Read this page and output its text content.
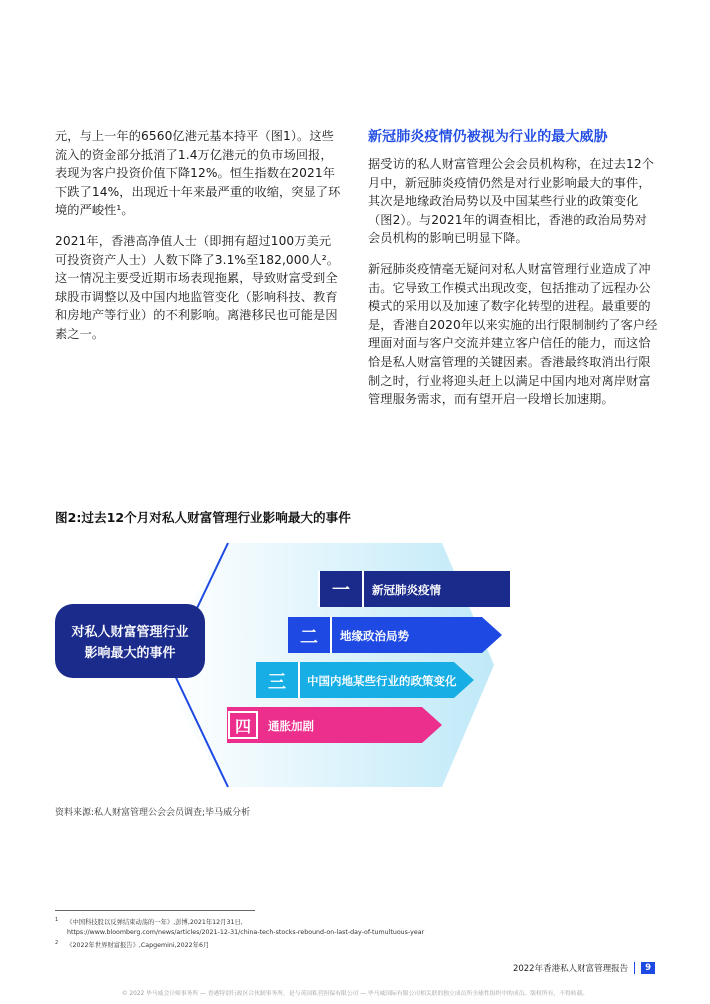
元，与上一年的6560亿港元基本持平（图1）。这些流入的资金部分抵消了1.4万亿港元的负市场回报，表现为客户投资价值下降12%。恒生指数在2021年下跌了14%，出现近十年来最严重的收缩，突显了环境的严峻性¹。

2021年，香港高净值人士（即拥有超过100万美元可投资资产人士）人数下降了3.1%至182,000人²。这一情况主要受近期市场表现拖累，导致财富受到全球股市调整以及中国内地监管变化（影响科技、教育和房地产等行业）的不利影响。离港移民也可能是因素之一。

新冠肺炎疫情仍被视为行业的最大威胁

据受访的私人财富管理公会会员机构称，在过去12个月中，新冠肺炎疫情仍然是对行业影响最大的事件，其次是地缘政治局势以及中国某些行业的政策变化（图2）。与2021年的调查相比，香港的政治局势对会员机构的影响已明显下降。

新冠肺炎疫情毫无疑问对私人财富管理行业造成了冲击。它导致工作模式出现改变，包括推动了远程办公模式的采用以及加速了数字化转型的进程。最重要的是，香港自2020年以来实施的出行限制制约了客户经理面对面与客户交流并建立客户信任的能力，而这恰恰是私人财富管理的关键因素。香港最终取消出行限制之时，行业将迎头赶上以满足中国内地对离岸财富管理服务需求，而有望开启一段增长加速期。

图2:过去12个月对私人财富管理行业影响最大的事件
对私人财富管理行业
影响最大的事件
一 新冠肺炎疫情
二 地缘政治局势
三 中国内地某些行业的政策变化
四 通胀加剧
资料来源:私人财富管理公会会员调查;毕马威分析
$^1$ 《中国科技股以反弹结束动荡的一年》,彭博,2021年12月31日,
https://www.bloomberg.com/news/articles/2021-12-31/china-tech-stocks-rebound-on-last-day-of-tumultuous-year
$^2$ 《2022年世界财富报告》,Capgemini,2022年6月
2022年香港私人财富管理报告	9
© 2022 毕马威会计师事务所 — 香港特别行政区合伙制事务所，是与英国私营担保有限公司 — 毕马威国际有限公司相关联的独立成员所全球性组织中的成员。版权所有，不得转载。
